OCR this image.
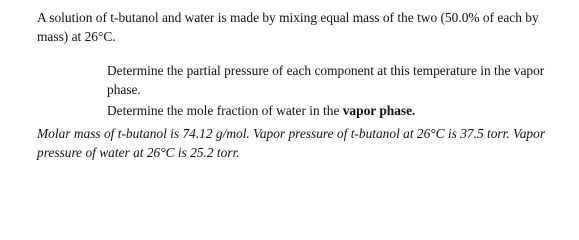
A solution of t-butanol and water is made by mixing equal mass of the two (50.0% of each by mass) at 26°C.

Determine the partial pressure of each component at this temperature in the vapor phase.

Determine the mole fraction of water in the vapor phase.

Molar mass of t-butanol is 74.12 g/mol. Vapor pressure of t-butanol at 26°C is 37.5 torr. Vapor pressure of water at 26°C is 25.2 torr.
